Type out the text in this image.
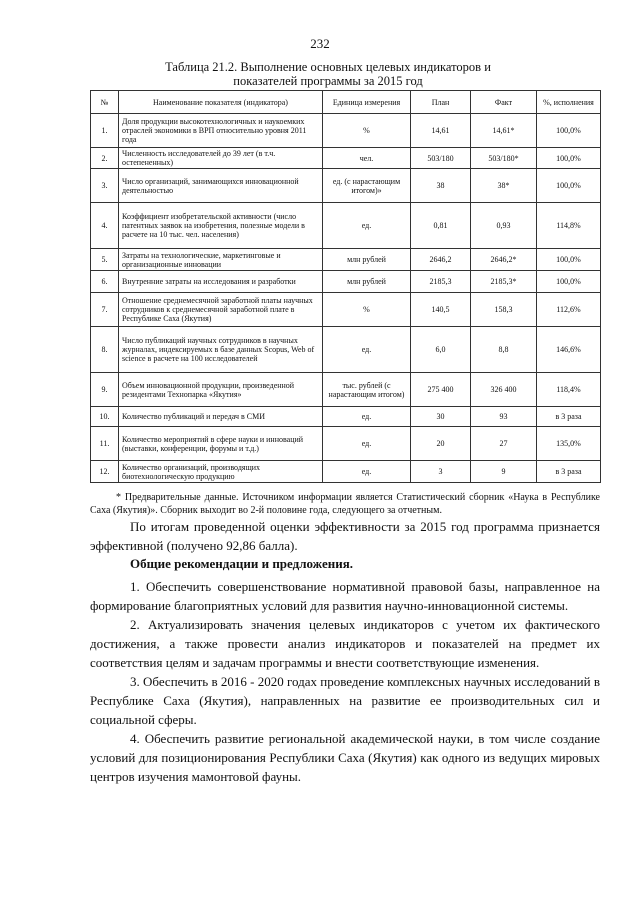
232
Таблица 21.2. Выполнение основных целевых индикаторов и
показателей программы за 2015 год
№	Наименование показателя (индикатора)	Единица измерения	План	Факт	%, исполнения
1.	Доля продукции высокотехнологичных и наукоемких отраслей экономики в ВРП относительно уровня 2011 года	%	14,61	14,61*	100,0%
2.	Численность исследователей до 39 лет (в т.ч. остепененных)	чел.	503/180	503/180*	100,0%
3.	Число организаций, занимающихся инновационной деятельностью	ед. (с нарастающим итогом)»	38	38*	100,0%
4.	Коэффициент изобретательской активности (число патентных заявок на изобретения, полезные модели в расчете на 10 тыс. чел. населения)	ед.	0,81	0,93	114,8%
5.	Затраты на технологические, маркетинговые и организационные инновации	млн рублей	2646,2	2646,2*	100,0%
6.	Внутренние затраты на исследования и разработки	млн рублей	2185,3	2185,3*	100,0%
7.	Отношение среднемесячной заработной платы научных сотрудников к среднемесячной заработной плате в Республике Саха (Якутия)	%	140,5	158,3	112,6%
8.	Число публикаций научных сотрудников в научных журналах, индексируемых в базе данных Scopus, Web of science в расчете на 100 исследователей	ед.	6,0	8,8	146,6%
9.	Объем инновационной продукции, произведенной резидентами Технопарка «Якутия»	тыс. рублей (с нарастающим итогом)	275 400	326 400	118,4%
10.	Количество публикаций и передач в СМИ	ед.	30	93	в 3 раза
11.	Количество мероприятий в сфере науки и инноваций (выставки, конференции, форумы и т.д.)	ед.	20	27	135,0%
12.	Количество организаций, производящих биотехнологическую продукцию	ед.	3	9	в 3 раза
* Предварительные данные. Источником информации является Статистический сборник «Наука в Республике Саха (Якутия)». Сборник выходит во 2-й половине года, следующего за отчетным.
По итогам проведенной оценки эффективности за 2015 год программа признается эффективной (получено 92,86 балла).
Общие рекомендации и предложения.
1. Обеспечить совершенствование нормативной правовой базы, направленное на формирование благоприятных условий для развития научно-инновационной системы.
2. Актуализировать значения целевых индикаторов с учетом их фактического достижения, а также провести анализ индикаторов и показателей на предмет их соответствия целям и задачам программы и внести соответствующие изменения.
3. Обеспечить в 2016 - 2020 годах проведение комплексных научных исследований в Республике Саха (Якутия), направленных на развитие ее производительных сил и социальной сферы.
4. Обеспечить развитие региональной академической науки, в том числе создание условий для позиционирования Республики Саха (Якутия) как одного из ведущих мировых центров изучения мамонтовой фауны.
